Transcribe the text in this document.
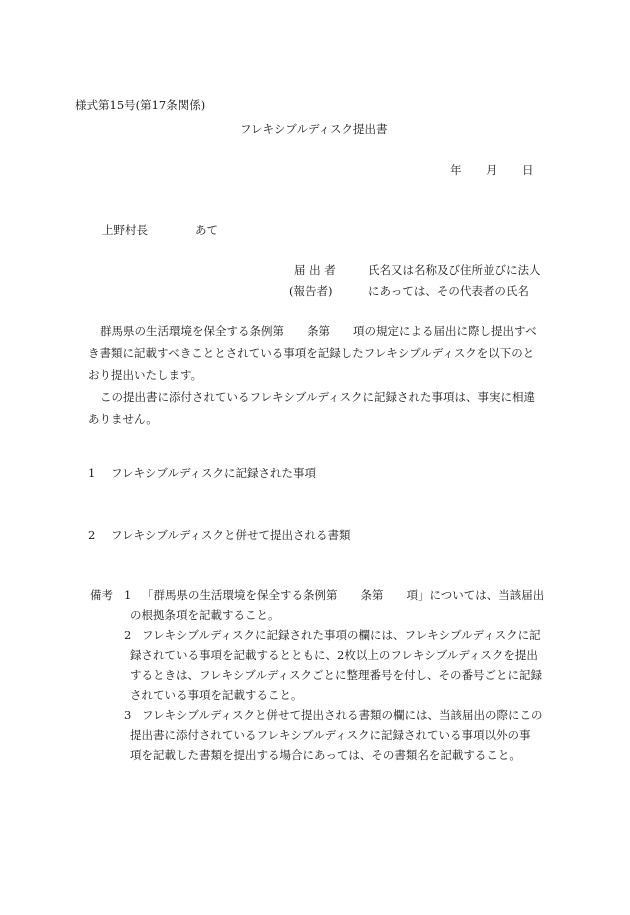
様式第15号(第17条関係)
フレキシブルディスク提出書
年 月 日
上野村長	あて
届 出 者	氏名又は名称及び住所並びに法人
(報告者)	にあっては、その代表者の氏名
群馬県の生活環境を保全する条例第　　条第　　項の規定による届出に際し提出すべ
き書類に記載すべきこととされている事項を記録したフレキシブルディスクを以下のと
おり提出いたします。
この提出書に添付されているフレキシブルディスクに記録された事項は、事実に相違
ありません。
1 フレキシブルディスクに記録された事項
2 フレキシブルディスクと併せて提出される書類
備考 1 「群馬県の生活環境を保全する条例第　　条第　　項」については、当該届出
の根拠条項を記載すること。
2 フレキシブルディスクに記録された事項の欄には、フレキシブルディスクに記
録されている事項を記載するとともに、2枚以上のフレキシブルディスクを提出
するときは、フレキシブルディスクごとに整理番号を付し、その番号ごとに記録
されている事項を記載すること。
3 フレキシブルディスクと併せて提出される書類の欄には、当該届出の際にこの
提出書に添付されているフレキシブルディスクに記録されている事項以外の事
項を記載した書類を提出する場合にあっては、その書類名を記載すること。
